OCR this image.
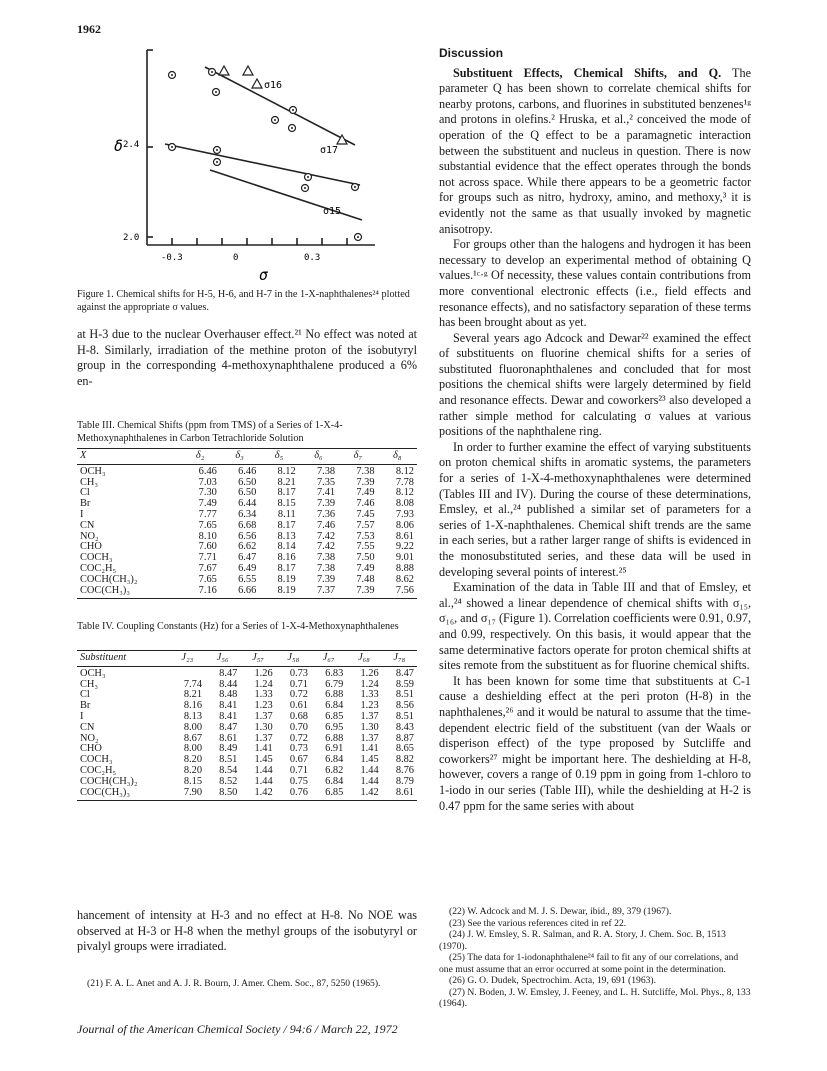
1962
2.4
2.0
δ
-0.3	0	0.3
σ
σ16
σ17
σ15
Figure 1. Chemical shifts for H-5, H-6, and H-7 in the 1-X-naphthalenes²⁴ plotted against the appropriate σ values.

at H-3 due to the nuclear Overhauser effect.²¹ No effect was noted at H-8. Similarly, irradiation of the methine proton of the isobutyryl group in the corresponding 4-methoxynaphthalene produced a 6% en-

Table III. Chemical Shifts (ppm from TMS) of a Series of 1-X-4-Methoxynaphthalenes in Carbon Tetrachloride Solution
X	δ₂	δ₃	δ₅	δ₆	δ₇	δ₈
OCH₃	6.46	6.46	8.12	7.38	7.38	8.12
CH₃	7.03	6.50	8.21	7.35	7.39	7.78
Cl	7.30	6.50	8.17	7.41	7.49	8.12
Br	7.49	6.44	8.15	7.39	7.46	8.08
I	7.77	6.34	8.11	7.36	7.45	7.93
CN	7.65	6.68	8.17	7.46	7.57	8.06
NO₂	8.10	6.56	8.13	7.42	7.53	8.61
CHO	7.60	6.62	8.14	7.42	7.55	9.22
COCH₃	7.71	6.47	8.16	7.38	7.50	9.01
COC₂H₅	7.67	6.49	8.17	7.38	7.49	8.88
COCH(CH₃)₂	7.65	6.55	8.19	7.39	7.48	8.62
COC(CH₃)₃	7.16	6.66	8.19	7.37	7.39	7.56
Table IV. Coupling Constants (Hz) for a Series of 1-X-4-Methoxynaphthalenes
Substituent	J₂₃	J₅₆	J₅₇	J₅₈	J₆₇	J₆₈	J₇₈
OCH₃		8.47	1.26	0.73	6.83	1.26	8.47
CH₃	7.74	8.44	1.24	0.71	6.79	1.24	8.59
Cl	8.21	8.48	1.33	0.72	6.88	1.33	8.51
Br	8.16	8.41	1.23	0.61	6.84	1.23	8.56
I	8.13	8.41	1.37	0.68	6.85	1.37	8.51
CN	8.00	8.47	1.30	0.70	6.95	1.30	8.43
NO₂	8.67	8.61	1.37	0.72	6.88	1.37	8.87
CHO	8.00	8.49	1.41	0.73	6.91	1.41	8.65
COCH₃	8.20	8.51	1.45	0.67	6.84	1.45	8.82
COC₂H₅	8.20	8.54	1.44	0.71	6.82	1.44	8.76
COCH(CH₃)₂	8.15	8.52	1.44	0.75	6.84	1.44	8.79
COC(CH₃)₃	7.90	8.50	1.42	0.76	6.85	1.42	8.61

hancement of intensity at H-3 and no effect at H-8. No NOE was observed at H-3 or H-8 when the methyl groups of the isobutyryl or pivalyl groups were irradiated.

(21) F. A. L. Anet and A. J. R. Bourn, J. Amer. Chem. Soc., 87, 5250 (1965).

Discussion

Substituent Effects, Chemical Shifts, and Q. The parameter Q has been shown to correlate chemical shifts for nearby protons, carbons, and fluorines in substituted benzenes¹ᵍ and protons in olefins.² Hruska, et al.,² conceived the mode of operation of the Q effect to be a paramagnetic interaction between the substituent and nucleus in question. There is now substantial evidence that the effect operates through the bonds not across space. While there appears to be a geometric factor for groups such as nitro, hydroxy, amino, and methoxy,³ it is evidently not the same as that usually invoked by magnetic anisotropy.

For groups other than the halogens and hydrogen it has been necessary to develop an experimental method of obtaining Q values.¹ᶜ·ᵍ Of necessity, these values contain contributions from more conventional electronic effects (i.e., field effects and resonance effects), and no satisfactory separation of these terms has been brought about as yet.

Several years ago Adcock and Dewar²² examined the effect of substituents on fluorine chemical shifts for a series of substituted fluoronaphthalenes and concluded that for most positions the chemical shifts were largely determined by field and resonance effects. Dewar and coworkers²³ also developed a rather simple method for calculating σ values at various positions of the naphthalene ring.

In order to further examine the effect of varying substituents on proton chemical shifts in aromatic systems, the parameters for a series of 1-X-4-methoxynaphthalenes were determined (Tables III and IV). During the course of these determinations, Emsley, et al.,²⁴ published a similar set of parameters for a series of 1-X-naphthalenes. Chemical shift trends are the same in each series, but a rather larger range of shifts is evidenced in the monosubstituted series, and these data will be used in developing several points of interest.²⁵

Examination of the data in Table III and that of Emsley, et al.,²⁴ showed a linear dependence of chemical shifts with σ₁₅, σ₁₆, and σ₁₇ (Figure 1). Correlation coefficients were 0.91, 0.97, and 0.99, respectively. On this basis, it would appear that the same determinative factors operate for proton chemical shifts at sites remote from the substituent as for fluorine chemical shifts.

It has been known for some time that substituents at C-1 cause a deshielding effect at the peri proton (H-8) in the naphthalenes,²⁶ and it would be natural to assume that the time-dependent electric field of the substituent (van der Waals or disperison effect) of the type proposed by Sutcliffe and coworkers²⁷ might be important here. The deshielding at H-8, however, covers a range of 0.19 ppm in going from 1-chloro to 1-iodo in our series (Table III), while the deshielding at H-2 is 0.47 ppm for the same series with about

(22) W. Adcock and M. J. S. Dewar, ibid., 89, 379 (1967).

(23) See the various references cited in ref 22.

(24) J. W. Emsley, S. R. Salman, and R. A. Story, J. Chem. Soc. B, 1513 (1970).

(25) The data for 1-iodonaphthalene²⁴ fail to fit any of our correlations, and one must assume that an error occurred at some point in the determination.

(26) G. O. Dudek, Spectrochim. Acta, 19, 691 (1963).

(27) N. Boden, J. W. Emsley, J. Feeney, and L. H. Sutcliffe, Mol. Phys., 8, 133 (1964).

Journal of the American Chemical Society / 94:6 / March 22, 1972
